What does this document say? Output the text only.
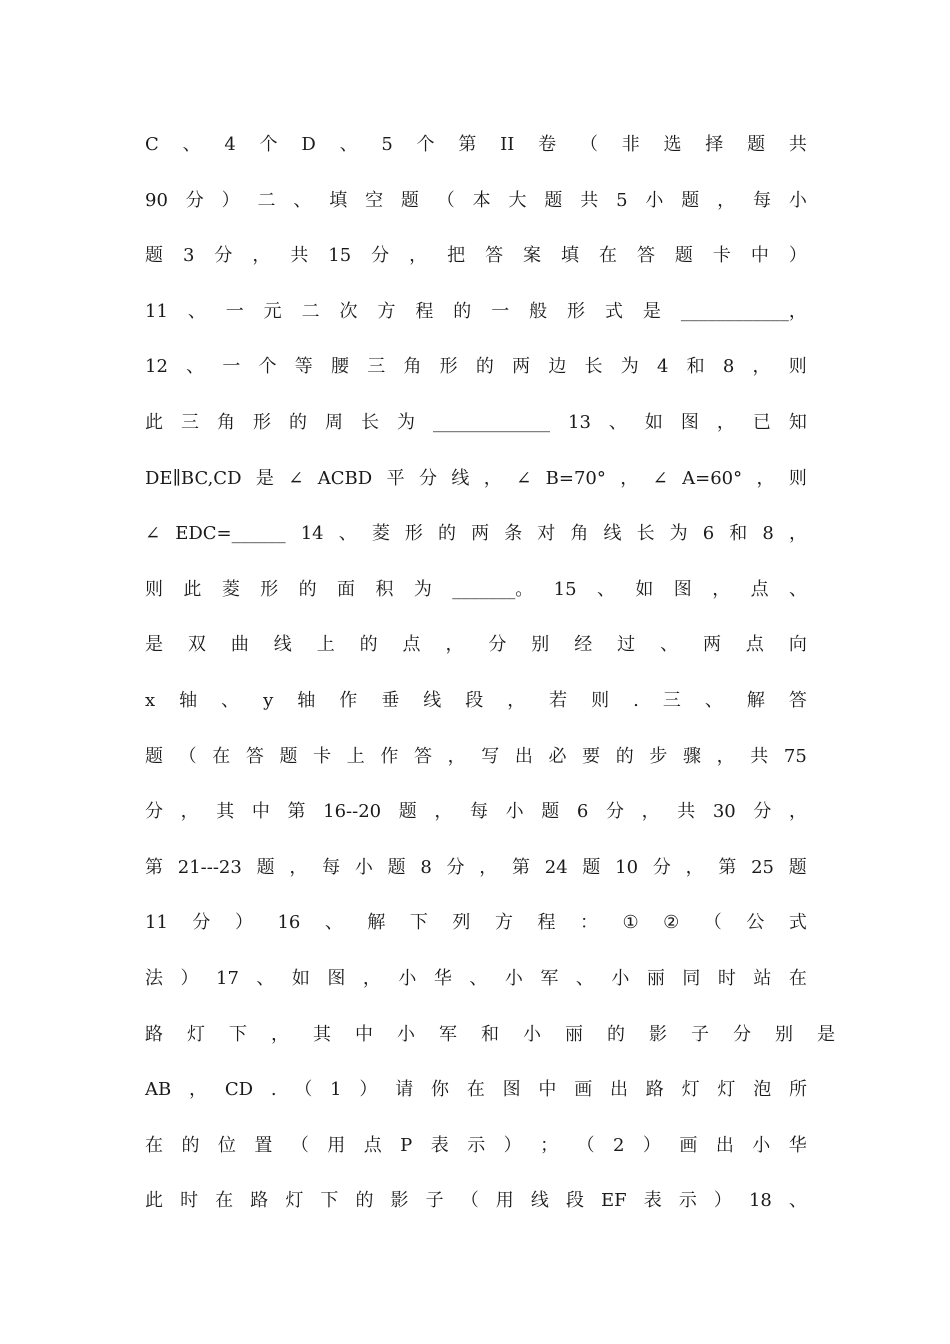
C 、 4 个 D 、 5 个 第 II 卷 （ 非 选 择 题 共
90 分 ） 二 、 填 空 题 （ 本 大 题 共 5 小 题 ， 每 小
题 3 分 ， 共 15 分 ， 把 答 案 填 在 答 题 卡 中 ）
11 、 一 元 二 次 方 程 的 一 般 形 式 是 ____________，
12 、 一 个 等 腰 三 角 形 的 两 边 长 为 4 和 8 ， 则
此 三 角 形 的 周 长 为 _____________ 13 、 如 图 ， 已 知
DE∥BC,CD 是 ∠ ACBD 平 分 线 ， ∠ B=70° ， ∠ A=60° ， 则
∠ EDC=______ 14 、 菱 形 的 两 条 对 角 线 长 为 6 和 8 ，
则 此 菱 形 的 面 积 为 _______。 15 、 如 图 ， 点 、
是 双 曲 线 上 的 点 ， 分 别 经 过 、 两 点 向
x 轴 、 y 轴 作 垂 线 段 ， 若 则 . 三 、 解 答
题 （ 在 答 题 卡 上 作 答 ， 写 出 必 要 的 步 骤 ， 共 75
分 ， 其 中 第 16--20 题 ， 每 小 题 6 分 ， 共 30 分 ，
第 21---23 题 ， 每 小 题 8 分 ， 第 24 题 10 分 ， 第 25 题
11 分 ） 16 、 解 下 列 方 程 ： ① ② （ 公 式
法 ） 17 、 如 图 ， 小 华 、 小 军 、 小 丽 同 时 站 在
路 灯 下 ， 其 中 小 军 和 小 丽 的 影 子 分 别 是
AB ， CD . （ 1 ） 请 你 在 图 中 画 出 路 灯 灯 泡 所
在 的 位 置 （ 用 点 P 表 示 ） ； （ 2 ） 画 出 小 华
此 时 在 路 灯 下 的 影 子 （ 用 线 段 EF 表 示 ） 18 、
